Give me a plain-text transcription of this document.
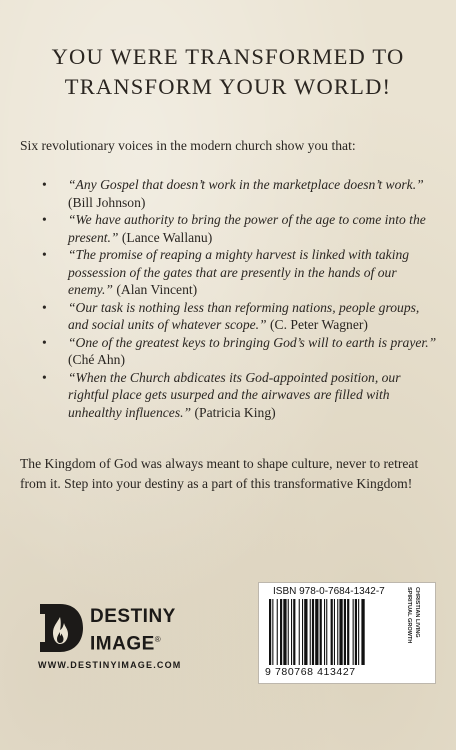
YOU WERE TRANSFORMED TO
TRANSFORM YOUR WORLD!
Six revolutionary voices in the modern church show you that:
• “Any Gospel that doesn’t work in the marketplace doesn’t work.” (Bill Johnson)
• “We have authority to bring the power of the age to come into the present.” (Lance Wallanu)
• “The promise of reaping a mighty harvest is linked with taking possession of the gates that are presently in the hands of our enemy.” (Alan Vincent)
• “Our task is nothing less than reforming nations, people groups, and social units of whatever scope.” (C. Peter Wagner)
• “One of the greatest keys to bringing God’s will to earth is prayer.” (Ché Ahn)
• “When the Church abdicates its God-appointed position, our rightful place gets usurped and the airwaves are filled with unhealthy influences.” (Patricia King)
The Kingdom of God was always meant to shape culture, never to retreat from it. Step into your destiny as a part of this transformative Kingdom!
DESTINY
IMAGE®
WWW.DESTINYIMAGE.COM
ISBN 978-0-7684-1342-7
9 780768 413427
SPIRITUAL GROWTH CHRISTIAN LIVING
